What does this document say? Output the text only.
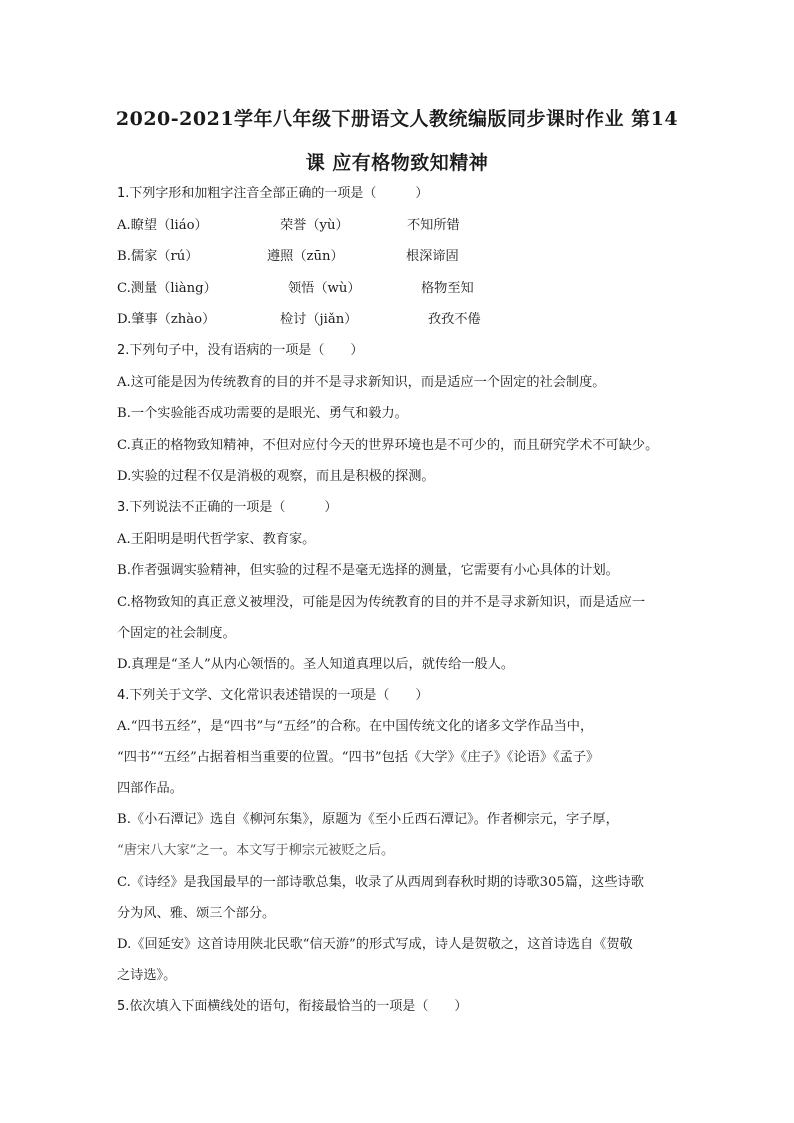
2020-2021学年八年级下册语文人教统编版同步课时作业 第14
课 应有格物致知精神
1.下列字形和加粗字注音全部正确的一项是（　　　）
A.瞭望（liáo）	荣誉（yù）	不知所错
B.儒家（rú）	遵照（zūn）	根深谛固
C.测量（liàng）	领悟（wù）	格物至知
D.肇事（zhào）	检讨（jiǎn）	孜孜不倦
2.下列句子中，没有语病的一项是（　　）
A.这可能是因为传统教育的目的并不是寻求新知识，而是适应一个固定的社会制度。
B.一个实验能否成功需要的是眼光、勇气和毅力。
C.真正的格物致知精神，不但对应付今天的世界环境也是不可少的，而且研究学术不可缺少。
D.实验的过程不仅是消极的观察，而且是积极的探测。
3.下列说法不正确的一项是（　　　）
A.王阳明是明代哲学家、教育家。
B.作者强调实验精神，但实验的过程不是毫无选择的测量，它需要有小心具体的计划。
C.格物致知的真正意义被埋没，可能是因为传统教育的目的并不是寻求新知识，而是适应一
个固定的社会制度。
D.真理是“圣人”从内心领悟的。圣人知道真理以后，就传给一般人。
4.下列关于文学、文化常识表述错误的一项是（　　）
A.“四书五经”，是“四书”与“五经”的合称。在中国传统文化的诸多文学作品当中，
“四书”“五经”占据着相当重要的位置。“四书”包括《大学》《庄子》《论语》《孟子》
四部作品。
B.《小石潭记》选自《柳河东集》，原题为《至小丘西石潭记》。作者柳宗元，字子厚，
“唐宋八大家”之一。本文写于柳宗元被贬之后。
C.《诗经》是我国最早的一部诗歌总集，收录了从西周到春秋时期的诗歌305篇，这些诗歌
分为风、雅、颂三个部分。
D.《回延安》这首诗用陕北民歌“信天游”的形式写成，诗人是贺敬之，这首诗选自《贺敬
之诗选》。
5.依次填入下面横线处的语句，衔接最恰当的一项是（　　）
